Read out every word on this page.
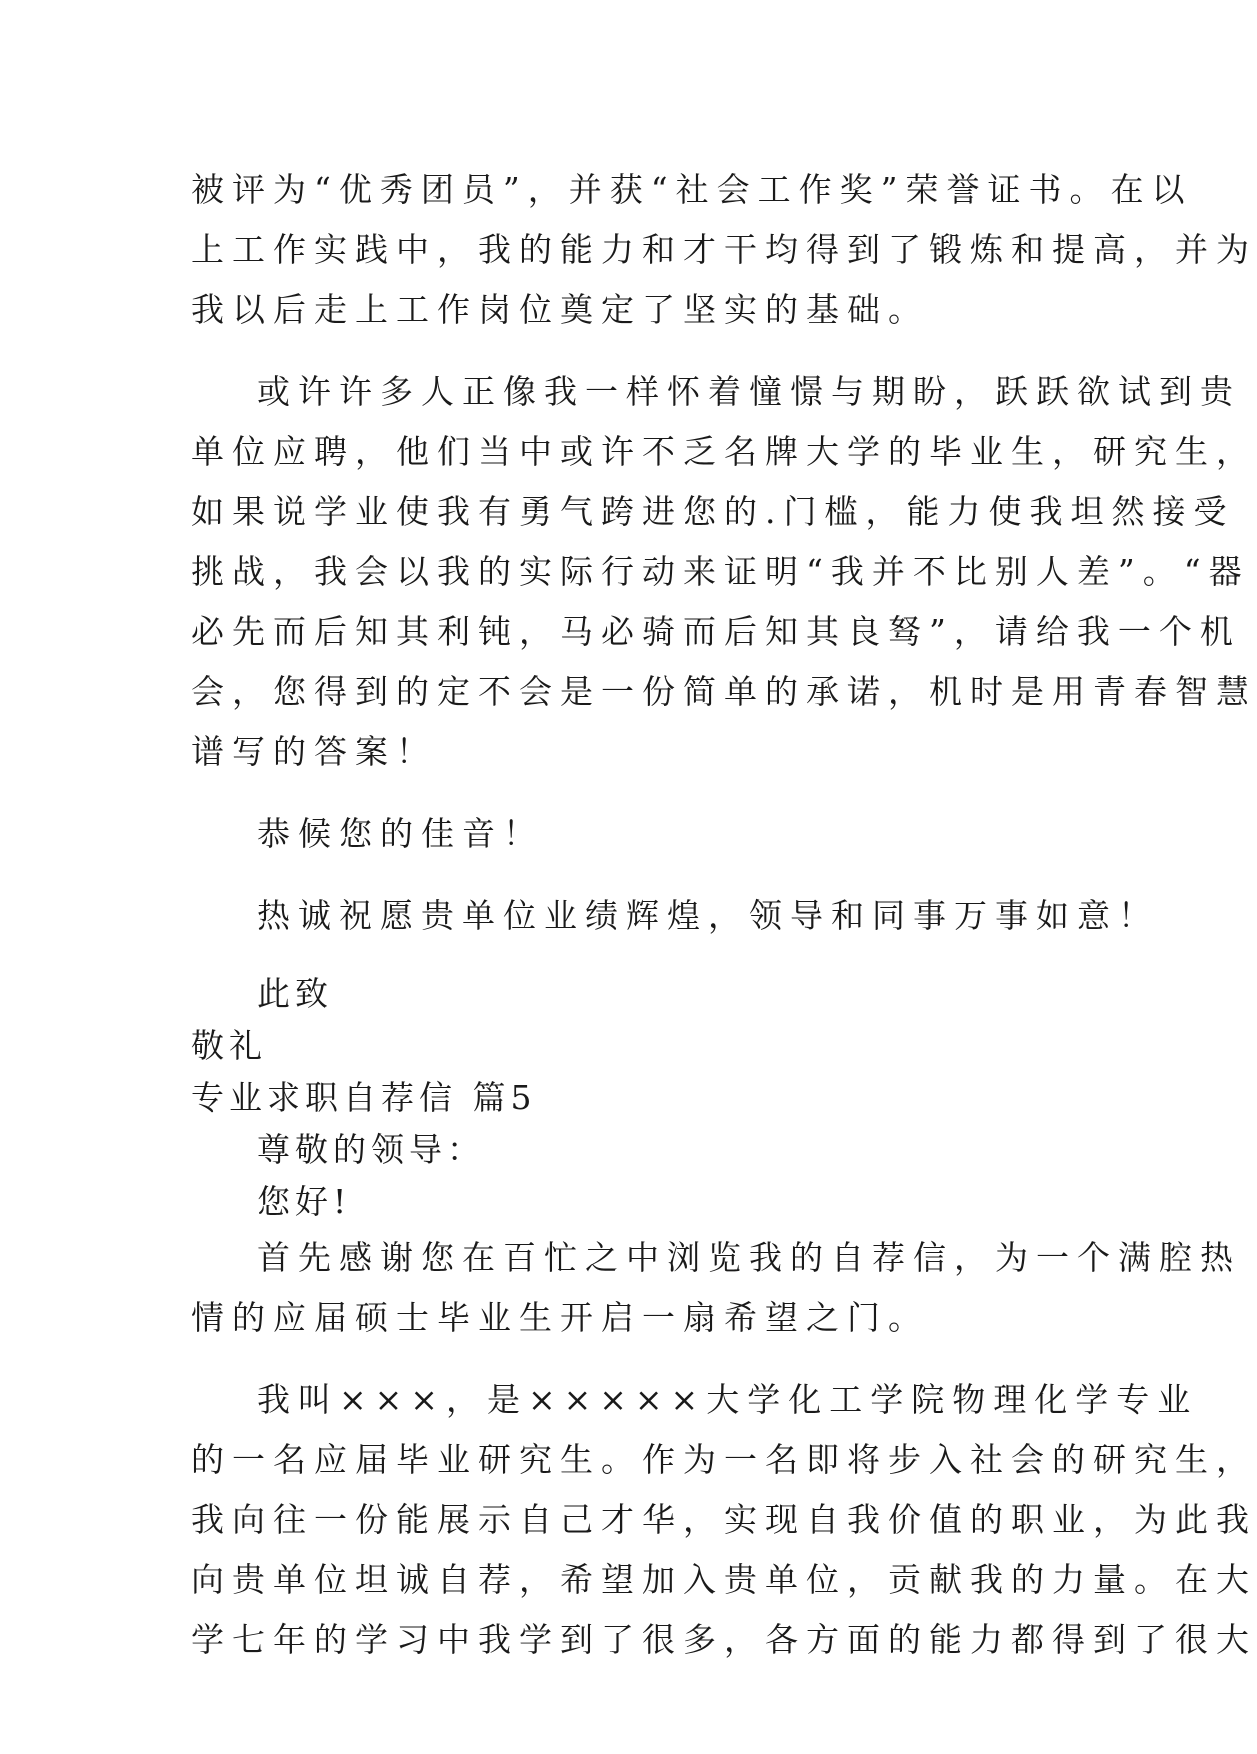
被评为“优秀团员”，并获“社会工作奖”荣誉证书。在以
上工作实践中，我的能力和才干均得到了锻炼和提高，并为
我以后走上工作岗位奠定了坚实的基础。
或许许多人正像我一样怀着憧憬与期盼，跃跃欲试到贵
单位应聘，他们当中或许不乏名牌大学的毕业生，研究生，
如果说学业使我有勇气跨进您的.门槛，能力使我坦然接受
挑战，我会以我的实际行动来证明“我并不比别人差”。“器
必先而后知其利钝，马必骑而后知其良驽”，请给我一个机
会，您得到的定不会是一份简单的承诺，机时是用青春智慧
谱写的答案！
恭候您的佳音！
热诚祝愿贵单位业绩辉煌，领导和同事万事如意！
此致
敬礼
专业求职自荐信 篇5
尊敬的领导：
您好!
首先感谢您在百忙之中浏览我的自荐信，为一个满腔热
情的应届硕士毕业生开启一扇希望之门。
我叫×××，是×××××大学化工学院物理化学专业
的一名应届毕业研究生。作为一名即将步入社会的研究生，
我向往一份能展示自己才华，实现自我价值的职业，为此我
向贵单位坦诚自荐，希望加入贵单位，贡献我的力量。在大
学七年的学习中我学到了很多，各方面的能力都得到了很大
